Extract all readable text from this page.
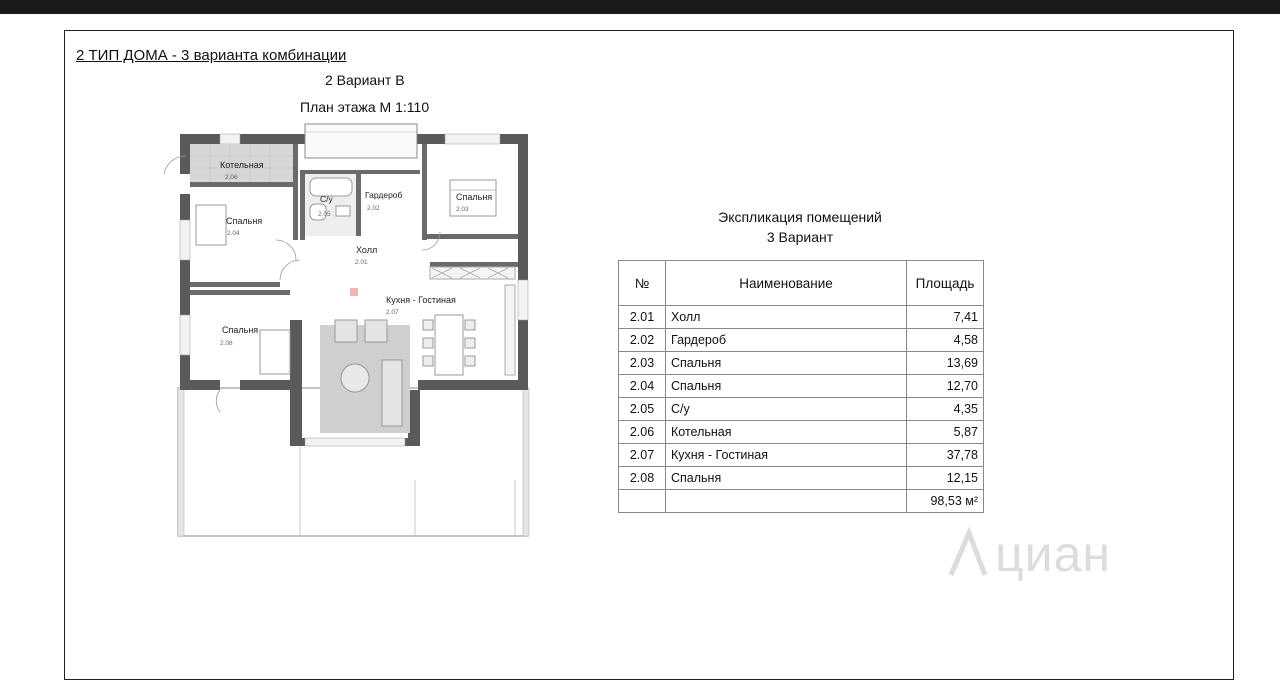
2 ТИП ДОМА - 3 варианта комбинации
2 Вариант В
План этажа М 1:110
Котельная
2.06
С/у
2.05
Гардероб
2.02
Спальня
2.03
Спальня
2.04
Холл
2.01
Кухня - Гостиная
2.07
Спальня
2.08
Экспликация помещений
3 Вариант
№	Наименование	Площадь
2.01	Холл	7,41
2.02	Гардероб	4,58
2.03	Спальня	13,69
2.04	Спальня	12,70
2.05	С/у	4,35
2.06	Котельная	5,87
2.07	Кухня - Гостиная	37,78
2.08	Спальня	12,15
		98,53 м²
циан
